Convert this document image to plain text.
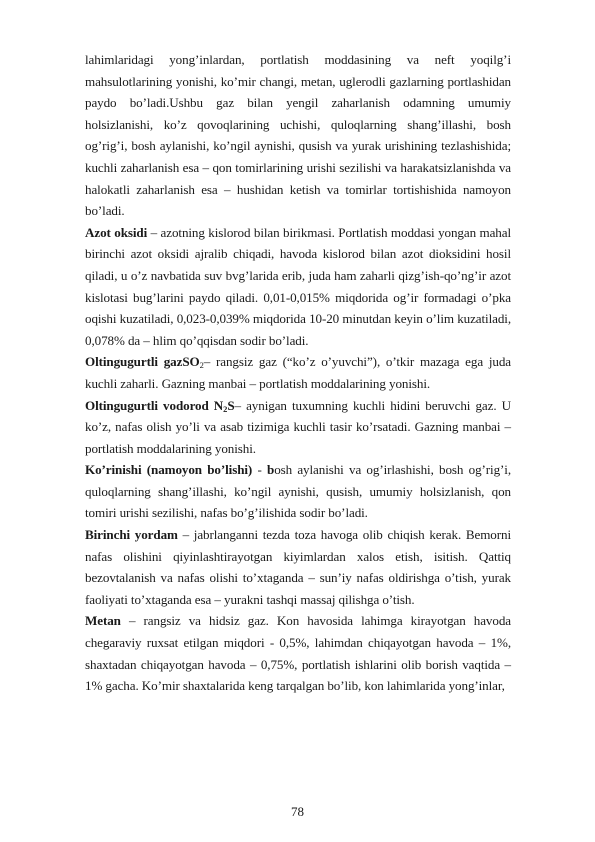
lahimlaridagi yong’inlardan, portlatish moddasining va neft yoqilg’i mahsulotlarining yonishi, ko’mir changi, metan, uglerodli gazlarning portlashidan paydo bo’ladi.Ushbu gaz bilan yengil zaharlanish odamning umumiy holsizlanishi, ko’z qovoqlarining uchishi, quloqlarning shang’illashi, bosh og’rig’i, bosh aylanishi, ko’ngil aynishi, qusish va yurak urishining tezlashishida; kuchli zaharlanish esa – qon tomirlarining urishi sezilishi va harakatsizlanishda va halokatli zaharlanish esa – hushidan ketish va tomirlar tortishishida namoyon bo’ladi.

Azot oksidi – azotning kislorod bilan birikmasi. Portlatish moddasi yongan mahal birinchi azot oksidi ajralib chiqadi, havoda kislorod bilan azot dioksidini hosil qiladi, u o’z navbatida suv bvg’larida erib, juda ham zaharli qizg’ish-qo’ng’ir azot kislotasi bug’larini paydo qiladi. 0,01-0,015% miqdorida og’ir formadagi o’pka oqishi kuzatiladi, 0,023-0,039% miqdorida 10-20 minutdan keyin o’lim kuzatiladi, 0,078% da – hlim qo’qqisdan sodir bo’ladi.

Oltingugurtli gazSO$_2$– rangsiz gaz (“ko’z o’yuvchi”), o’tkir mazaga ega juda kuchli zaharli. Gazning manbai – portlatish moddalarining yonishi.

Oltingugurtli vodorod $N_2S-$ aynigan tuxumning kuchli hidini beruvchi gaz. U ko’z, nafas olish yo’li va asab tizimiga kuchli tasir ko’rsatadi. Gazning manbai – portlatish moddalarining yonishi.

Ko’rinishi (namoyon bo’lishi) - bosh aylanishi va og’irlashishi, bosh og’rig’i, quloqlarning shang’illashi, ko’ngil aynishi, qusish, umumiy holsizlanish, qon tomiri urishi sezilishi, nafas bo’g’ilishida sodir bo’ladi.

Birinchi yordam – jabrlanganni tezda toza havoga olib chiqish kerak. Bemorni nafas olishini qiyinlashtirayotgan kiyimlardan xalos etish, isitish. Qattiq bezovtalanish va nafas olishi to’xtaganda – sun’iy nafas oldirishga o’tish, yurak faoliyati to’xtaganda esa – yurakni tashqi massaj qilishga o’tish.

Metan – rangsiz va hidsiz gaz. Kon havosida lahimga kirayotgan havoda chegaraviy ruxsat etilgan miqdori - 0,5%, lahimdan chiqayotgan havoda – 1%, shaxtadan chiqayotgan havoda – 0,75%, portlatish ishlarini olib borish vaqtida – 1% gacha. Ko’mir shaxtalarida keng tarqalgan bo’lib, kon lahimlarida yong’inlar,

78
